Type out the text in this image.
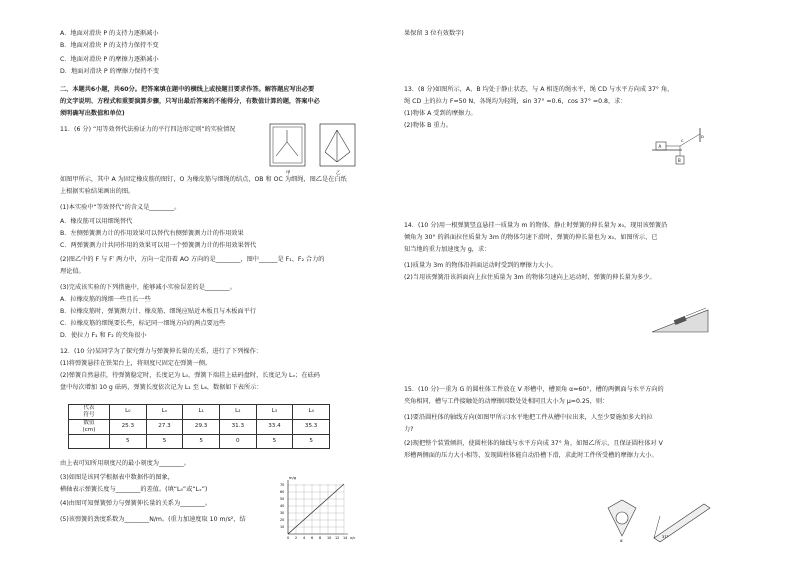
A．地面对滑块 P 的支持力逐渐减小
B．地面对滑块 P 的支持力保持不变
C．地面对滑块 P 的摩擦力逐渐减小
D．地面对滑块 P 的摩擦力保持不变
二、本题共6小题，共60分。把答案填在题中的横线上或按题目要求作答。解答题应写出必要
的文字说明、方程式和重要演算步骤，只写出最后答案的不能得分，有数值计算的题，答案中必
须明确写出数值和单位)
11．(6 分) “用等效替代法验证力的平行四边形定则”的实验情况
如图甲所示，其中 A 为固定橡皮筋的图钉，O 为橡皮筋与细绳的结点，OB 和 OC 为细绳，图乙是在白纸
上根据实验结果画出的图。
(1)本实验中“等效替代”的含义是________。
A．橡皮筋可以用细绳替代
B．左侧弹簧测力计的作用效果可以替代右侧弹簧测力计的作用效果
C．两弹簧测力计共同作用的效果可以用一个弹簧测力计的作用效果替代
(2)图乙中的 F 与 F′ 两力中，方向一定沿着 AO 方向的是________，图中______是 F₁、F₂ 合力的
理论值。
(3)完成该实验的下列措施中，能够减小实验误差的是________。
A．拉橡皮筋的绳细一些且长一些
B．拉橡皮筋时，弹簧测力计、橡皮筋、细绳应贴近木板且与木板面平行
C．拉橡皮筋的细绳要长些，标记同一细绳方向的两点要远些
D．使拉力 F₁ 和 F₂ 的夹角很小
12．(10 分)某同学为了探究弹力与弹簧伸长量的关系，进行了下列操作：
(1)将弹簧悬挂在铁架台上，将刻度尺固定在弹簧一侧。
(2)弹簧自然悬挂，待弹簧稳定时，长度记为 L₀，弹簧下端挂上砝码盘时，长度记为 Lₓ；在砝码
盘中每次增加 10 g 砝码，弹簧长度依次记为 L₁ 至 L₆，数据如下表所示：
由上表可知所用刻度尺的最小刻度为________。
(3)如图是该同学根据表中数据作的图象，
横轴表示弹簧长度与________的差值。(填“L₀”或“Lₓ”)
(4)由图可知弹簧弹力与弹簧伸长量的关系为________。
(5)该弹簧的劲度系数为________N/m。(重力加速度取 10 m/s²，结
甲	乙
代表
符号	L₀	Lₓ	L₁	L₂	L₃	L₄

数值
(cm)	25.3	27.3	29.3	31.3	33.4	35.3
	5	5	5	0	5	5
m/g
70
60
50
40
30
20
10
0 2 4 6 8 10 12 14 x/c
果保留 3 位有效数字)
13．(8 分)如图所示，A、B 均处于静止状态，与 A 相连的绳水平，绳 CD 与水平方向成 37° 角，
绳 CD 上的拉力 F=50 N，各绳均为轻绳，sin 37° =0.6，cos 37° =0.8，求：
(1)物体 A 受到的摩擦力。
(2)物体 B 重力。
14．(10 分)用一根弹簧竖直悬挂一质量为 m 的物体，静止时弹簧的伸长量为 x₀，现用该弹簧沿
倾角为 30° 的斜面拉住质量为 3m 的物体匀速下滑时，弹簧的伸长量也为 x₀，如图所示，已
知当地的重力加速度为 g，求：
(1)质量为 3m 的物体沿斜面运动时受到的摩擦力大小。
(2)当用该弹簧沿该斜面向上拉住质量为 3m 的物体匀速向上运动时，弹簧的伸长量为多少。
15．(10 分)一重为 G 的圆柱体工件放在 V 形槽中，槽顶角 α=60°，槽的两侧面与水平方向的
夹角相同，槽与工件接触处的动摩擦因数处处相同且大小为 μ=0.25，则：
(1)要沿圆柱体的轴线方向(如图甲所示)水平地把工件从槽中拉出来，人至少要施加多大的拉
力?
(2)现把整个装置倾斜，使圆柱体的轴线与水平方向成 37° 角，如图乙所示，且保证圆柱体对 V
形槽两侧面的压力大小相等，发现圆柱体能自动沿槽下滑，求此时工件所受槽的摩擦力大小。
A
B
C
D
α
37°
